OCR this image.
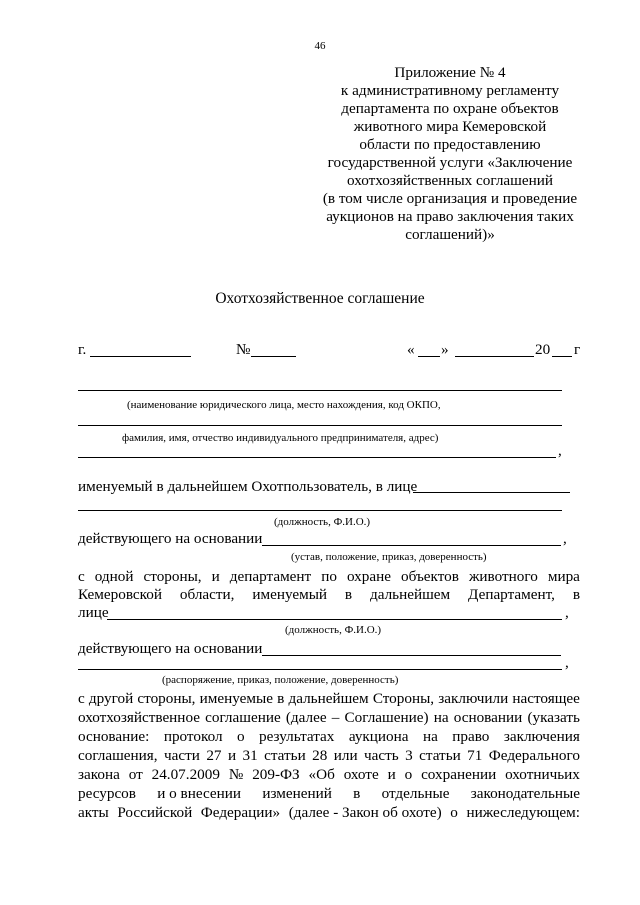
46
Приложение № 4
к административному регламенту
департамента по охране объектов
животного мира Кемеровской
области по предоставлению
государственной услуги «Заключение
охотхозяйственных соглашений
(в том числе организация и проведение
аукционов на право заключения таких
соглашений)»
Охотхозяйственное соглашение
г.	№	« »	20 г
(наименование юридического лица, место нахождения, код ОКПО,
фамилия, имя, отчество индивидуального предпринимателя, адрес)
,
именуемый в дальнейшем Охотпользователь, в лице
(должность, Ф.И.О.)
действующего на основании	,
(устав, положение, приказ, доверенность)
с одной стороны, и департамент по охране объектов животного мира
Кемеровской области, именуемый в дальнейшем Департамент, в
лице	,
(должность, Ф.И.О.)
действующего на основании
,
(распоряжение, приказ, положение, доверенность)
с другой стороны, именуемые в дальнейшем Стороны, заключили настоящее
охотхозяйственное соглашение (далее – Соглашение) на основании (указать
основание: протокол о результатах аукциона на право заключения
соглашения, части 27 и 31 статьи 28 или часть 3 статьи 71 Федерального
закона от 24.07.2009 № 209-ФЗ «Об охоте и о сохранении охотничьих
ресурсов и о внесении изменений в отдельные законодательные
акты Российской Федерации» (далее - Закон об охоте) о нижеследующем:
